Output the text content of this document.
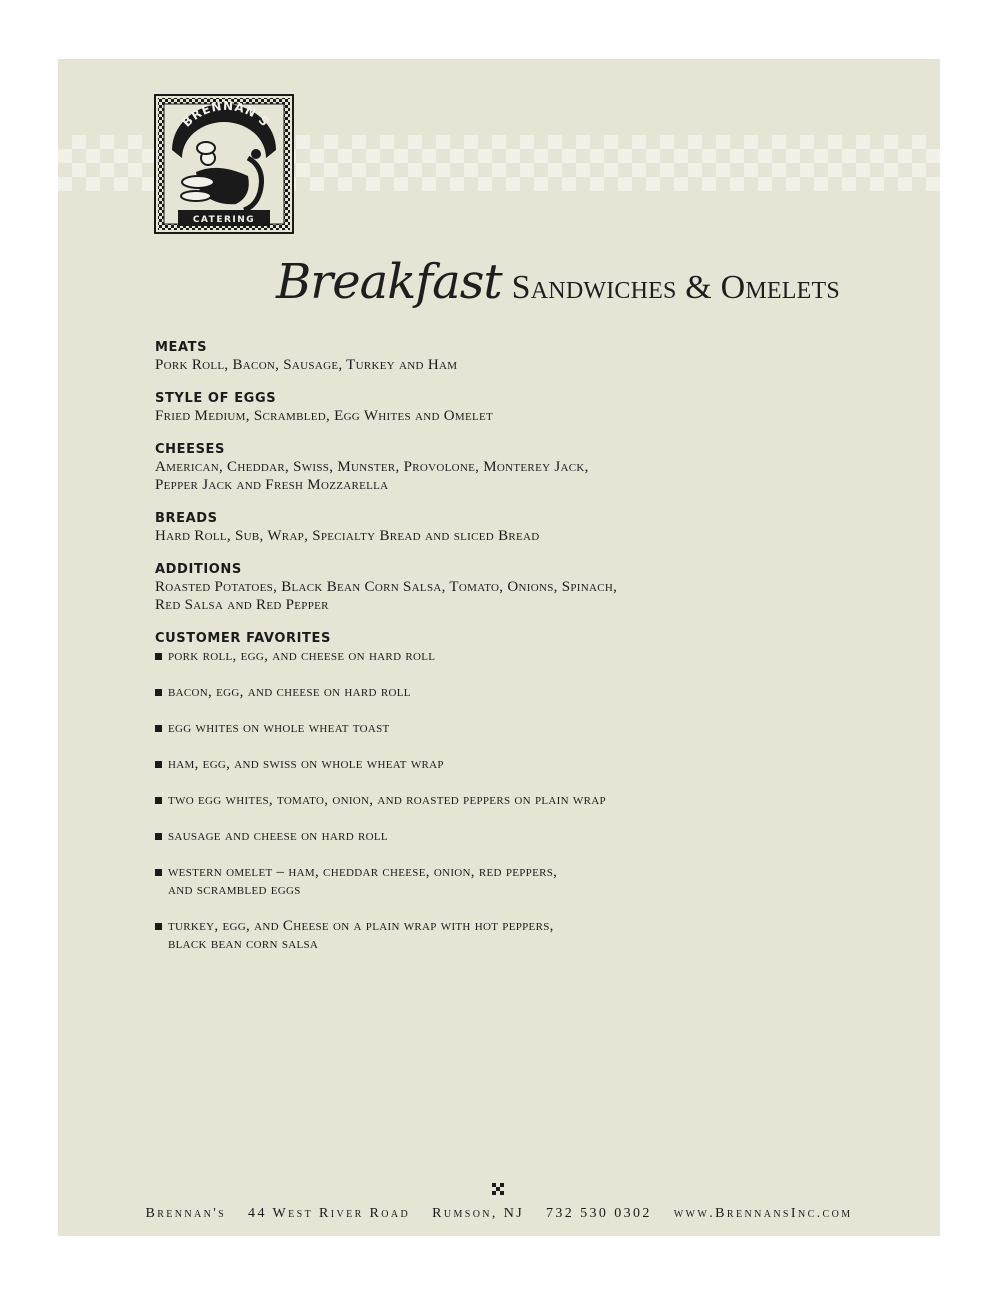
BRENNAN'S
CATERING
Breakfast Sandwiches & Omelets
MEATS
Pork Roll, Bacon, Sausage, Turkey and Ham
STYLE OF EGGS
Fried Medium, Scrambled, Egg Whites and Omelet
CHEESES
American, Cheddar, Swiss, Munster, Provolone, Monterey Jack,
Pepper Jack and Fresh Mozzarella
BREADS
Hard Roll, Sub, Wrap, Specialty Bread and sliced Bread
ADDITIONS
Roasted Potatoes, Black Bean Corn Salsa, Tomato, Onions, Spinach,
Red Salsa and Red Pepper
CUSTOMER FAVORITES
pork roll, egg, and cheese on hard roll
bacon, egg, and cheese on hard roll
egg whites on whole wheat toast
ham, egg, and swiss on whole wheat wrap
two egg whites, tomato, onion, and roasted peppers on plain wrap
sausage and cheese on hard roll
western omelet – ham, cheddar cheese, onion, red peppers,
and scrambled eggs
turkey, egg, and Cheese on a plain wrap with hot peppers,
black bean corn salsa
Brennan's 44 West River Road Rumson, NJ 732 530 0302 www.BrennansInc.com
